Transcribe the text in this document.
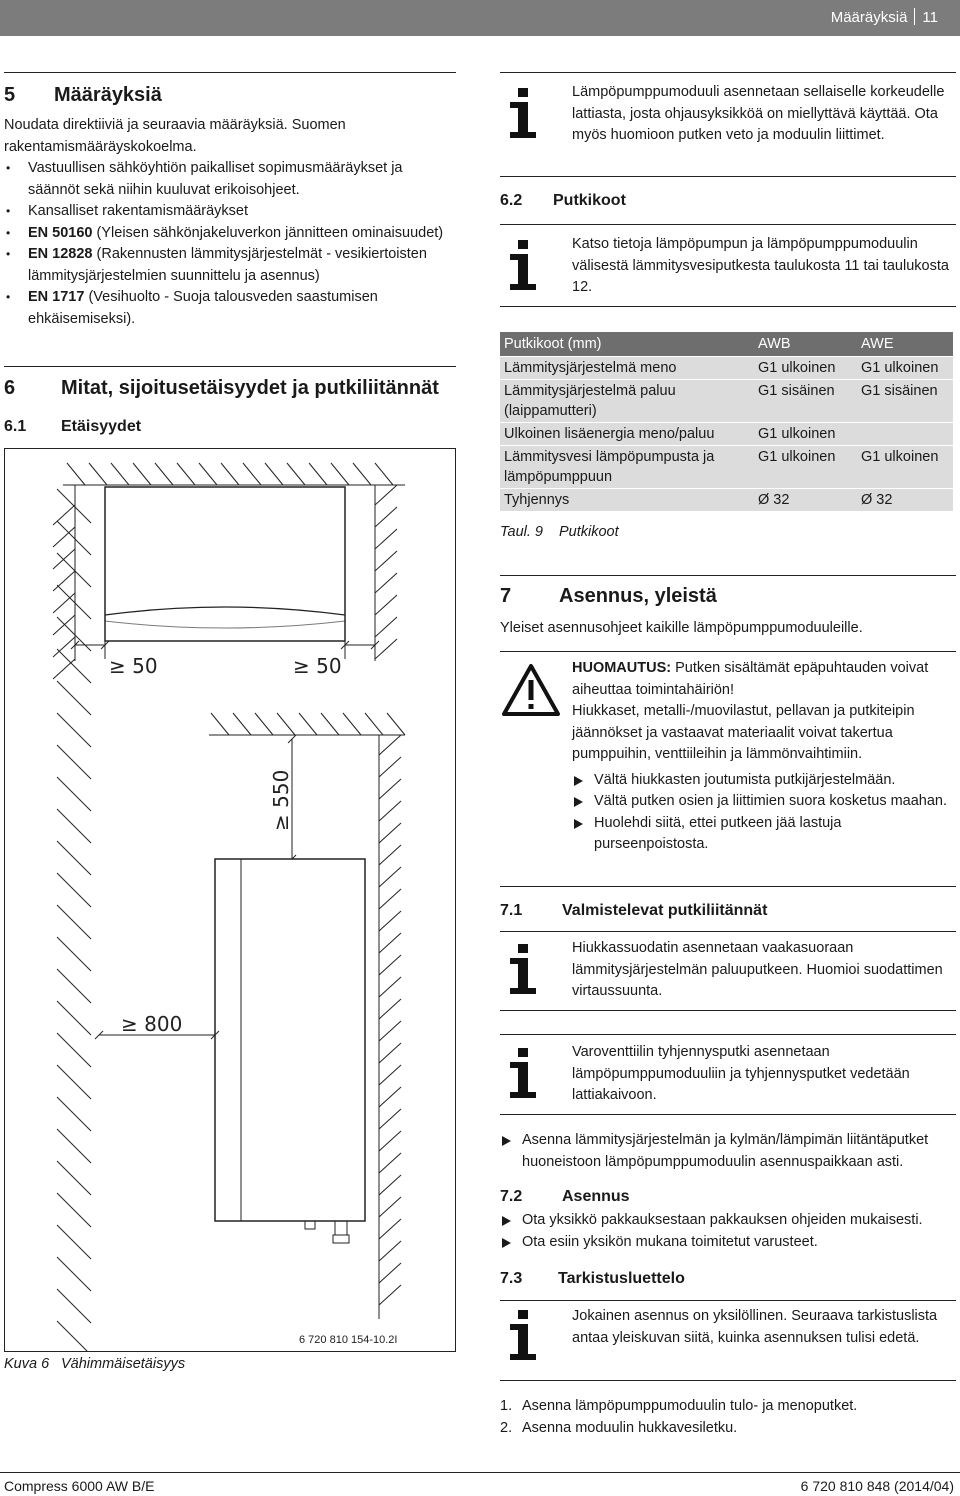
Määräyksiä 11
5 Määräyksiä
Noudata direktiiviä ja seuraavia määräyksiä. Suomen rakentamismääräyskokoelma.
• Vastuullisen sähköyhtiön paikalliset sopimusmääräykset ja säännöt sekä niihin kuuluvat erikoisohjeet.
• Kansalliset rakentamismääräykset
• EN 50160 (Yleisen sähkönjakeluverkon jännitteen ominaisuudet)
• EN 12828 (Rakennusten lämmitysjärjestelmät - vesikiertoisten lämmitysjärjestelmien suunnittelu ja asennus)
• EN 1717 (Vesihuolto - Suoja talousveden saastumisen ehkäisemiseksi).
6 Mitat, sijoitusetäisyydet ja putkiliitännät
6.1 Etäisyydet
≥ 50	≥ 50
≥ 550
≥ 800
6 720 810 154-10.2I
Kuva 6 Vähimmäisetäisyys
Lämpöpumppumoduuli asennetaan sellaiselle korkeudelle lattiasta, josta ohjausyksikköä on miellyttävä käyttää. Ota myös huomioon putken veto ja moduulin liittimet.
6.2 Putkikoot
Katso tietoja lämpöpumpun ja lämpöpumppumoduulin välisestä lämmitysvesiputkesta taulukosta 11 tai taulukosta 12.
Putkikoot (mm)	AWB	AWE
Lämmitysjärjestelmä meno	G1 ulkoinen	G1 ulkoinen
Lämmitysjärjestelmä paluu (laippamutteri)	G1 sisäinen	G1 sisäinen
Ulkoinen lisäenergia meno/paluu	G1 ulkoinen	
Lämmitysvesi lämpöpumpusta ja lämpöpumppuun	G1 ulkoinen	G1 ulkoinen
Tyhjennys	Ø 32	Ø 32
Taul. 9 Putkikoot
7 Asennus, yleistä
Yleiset asennusohjeet kaikille lämpöpumppumoduuleille.
HUOMAUTUS: Putken sisältämät epäpuhtauden voivat aiheuttaa toimintahäiriön!
Hiukkaset, metalli-/muovilastut, pellavan ja putkiteipin jäännökset ja vastaavat materiaalit voivat takertua pumppuihin, venttiileihin ja lämmönvaihtimiin.
Vältä hiukkasten joutumista putkijärjestelmään.
Vältä putken osien ja liittimien suora kosketus maahan.
Huolehdi siitä, ettei putkeen jää lastuja purseenpoistosta.
7.1 Valmistelevat putkiliitännät
Hiukkassuodatin asennetaan vaakasuoraan lämmitysjärjestelmän paluuputkeen. Huomioi suodattimen virtaussuunta.
Varoventtiilin tyhjennysputki asennetaan lämpöpumppumoduuliin ja tyhjennysputket vedetään lattiakaivoon.
Asenna lämmitysjärjestelmän ja kylmän/lämpimän liitäntäputket huoneistoon lämpöpumppumoduulin asennuspaikkaan asti.
7.2 Asennus
Ota yksikkö pakkauksestaan pakkauksen ohjeiden mukaisesti.
Ota esiin yksikön mukana toimitetut varusteet.
7.3 Tarkistusluettelo
Jokainen asennus on yksilöllinen. Seuraava tarkistuslista antaa yleiskuvan siitä, kuinka asennuksen tulisi edetä.
1. Asenna lämpöpumppumoduulin tulo- ja menoputket.
2. Asenna moduulin hukkavesiletku.
Compress 6000 AW B/E	6 720 810 848 (2014/04)
